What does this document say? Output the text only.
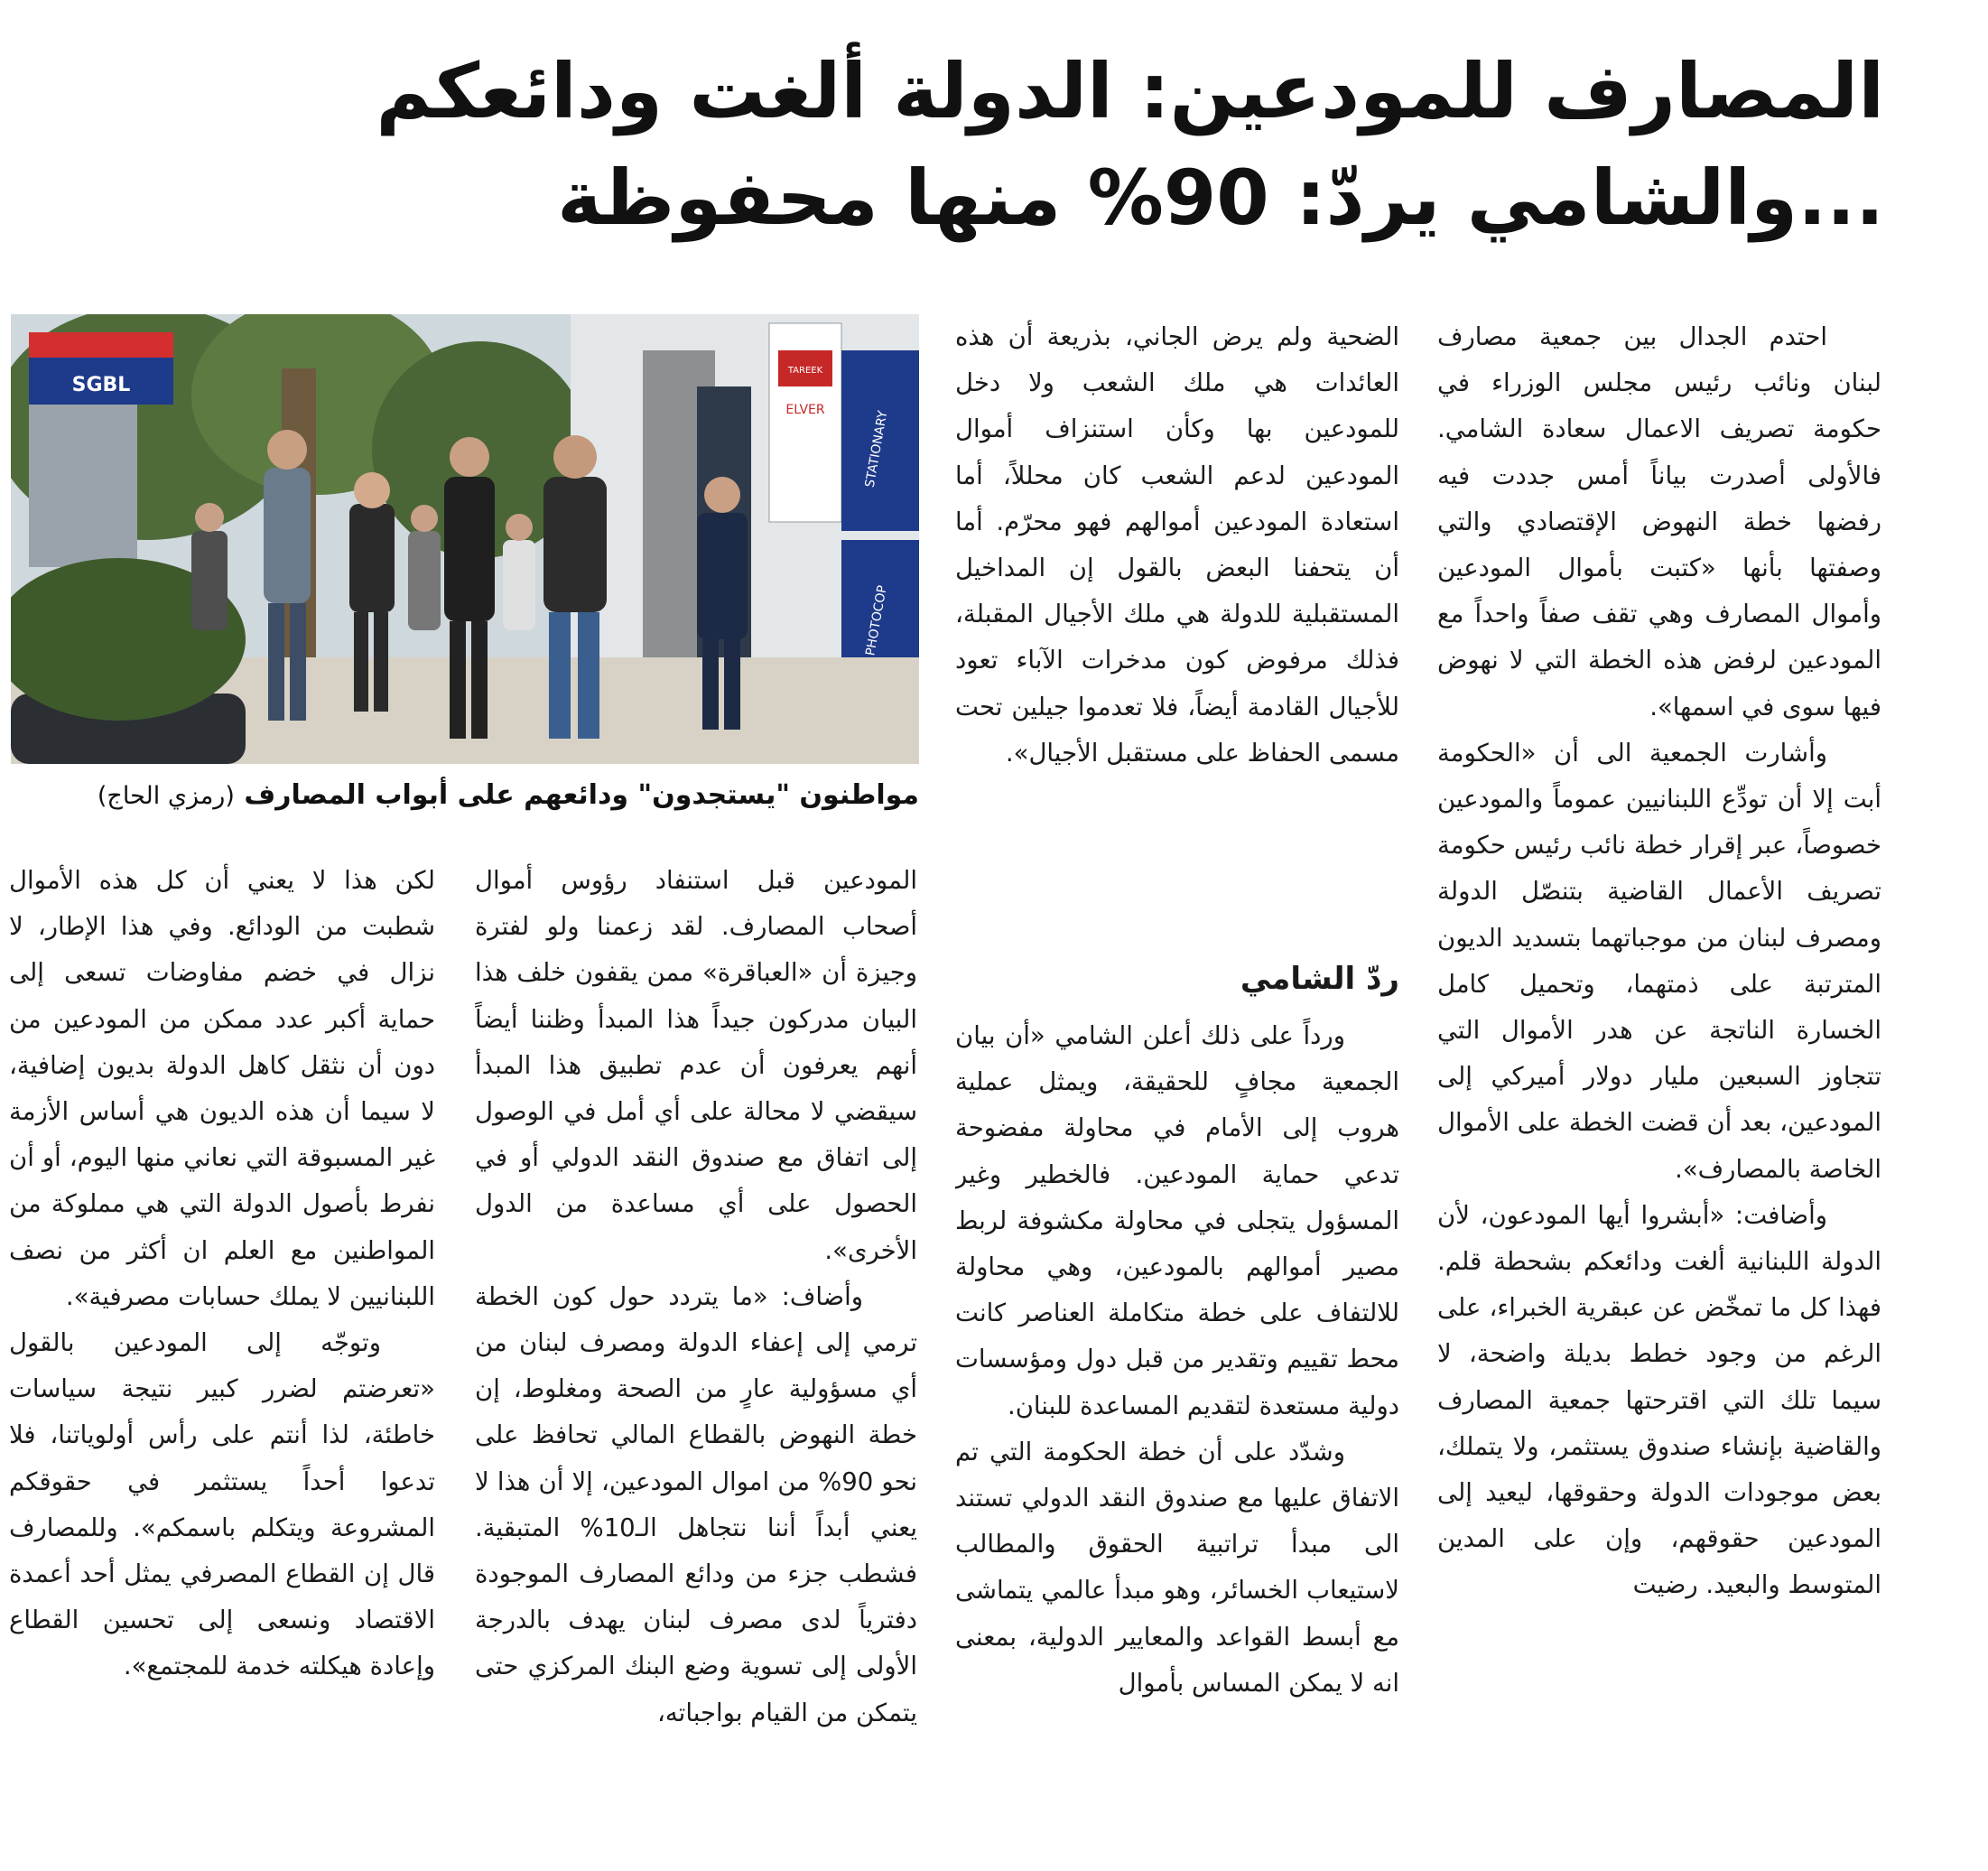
المصارف للمودعين: الدولة ألغت ودائعكم
...والشامي يردّ: 90% منها محفوظة

احتدم الجدال بين جمعية مصارف لبنان ونائب رئيس مجلس الوزراء في حكومة تصريف الاعمال سعادة الشامي. فالأولى أصدرت بياناً أمس جددت فيه رفضها خطة النهوض الإقتصادي والتي وصفتها بأنها «كتبت بأموال المودعين وأموال المصارف وهي تقف صفاً واحداً مع المودعين لرفض هذه الخطة التي لا نهوض فيها سوى في اسمها».

وأشارت الجمعية الى أن «الحكومة أبت إلا أن تودِّع اللبنانيين عموماً والمودعين خصوصاً، عبر إقرار خطة نائب رئيس حكومة تصريف الأعمال القاضية بتنصّل الدولة ومصرف لبنان من موجباتهما بتسديد الديون المترتبة على ذمتهما، وتحميل كامل الخسارة الناتجة عن هدر الأموال التي تتجاوز السبعين مليار دولار أميركي إلى المودعين، بعد أن قضت الخطة على الأموال الخاصة بالمصارف».

وأضافت: «أبشروا أيها المودعون، لأن الدولة اللبنانية ألغت ودائعكم بشحطة قلم. فهذا كل ما تمخّض عن عبقرية الخبراء، على الرغم من وجود خطط بديلة واضحة، لا سيما تلك التي اقترحتها جمعية المصارف والقاضية بإنشاء صندوق يستثمر، ولا يتملك، بعض موجودات الدولة وحقوقها، ليعيد إلى المودعين حقوقهم، وإن على المدين المتوسط والبعيد. رضيت

الضحية ولم يرض الجاني، بذريعة أن هذه العائدات هي ملك الشعب ولا دخل للمودعين بها وكأن استنزاف أموال المودعين لدعم الشعب كان محللاً، أما استعادة المودعين أموالهم فهو محرّم. أما أن يتحفنا البعض بالقول إن المداخيل المستقبلية للدولة هي ملك الأجيال المقبلة، فذلك مرفوض كون مدخرات الآباء تعود للأجيال القادمة أيضاً، فلا تعدموا جيلين تحت مسمى الحفاظ على مستقبل الأجيال».

ردّ الشامي

ورداً على ذلك أعلن الشامي «أن بيان الجمعية مجافٍ للحقيقة، ويمثل عملية هروب إلى الأمام في محاولة مفضوحة تدعي حماية المودعين. فالخطير وغير المسؤول يتجلى في محاولة مكشوفة لربط مصير أموالهم بالمودعين، وهي محاولة للالتفاف على خطة متكاملة العناصر كانت محط تقييم وتقدير من قبل دول ومؤسسات دولية مستعدة لتقديم المساعدة للبنان.

وشدّد على أن خطة الحكومة التي تم الاتفاق عليها مع صندوق النقد الدولي تستند الى مبدأ تراتبية الحقوق والمطالب لاستيعاب الخسائر، وهو مبدأ عالمي يتماشى مع أبسط القواعد والمعايير الدولية، بمعنى انه لا يمكن المساس بأموال

المودعين قبل استنفاد رؤوس أموال أصحاب المصارف. لقد زعمنا ولو لفترة وجيزة أن «العباقرة» ممن يقفون خلف هذا البيان مدركون جيداً هذا المبدأ وظننا أيضاً أنهم يعرفون أن عدم تطبيق هذا المبدأ سيقضي لا محالة على أي أمل في الوصول إلى اتفاق مع صندوق النقد الدولي أو في الحصول على أي مساعدة من الدول الأخرى».

وأضاف: «ما يتردد حول كون الخطة ترمي إلى إعفاء الدولة ومصرف لبنان من أي مسؤولية عارٍ من الصحة ومغلوط، إن خطة النهوض بالقطاع المالي تحافظ على نحو 90% من اموال المودعين، إلا أن هذا لا يعني أبداً أننا نتجاهل الـ10% المتبقية. فشطب جزء من ودائع المصارف الموجودة دفترياً لدى مصرف لبنان يهدف بالدرجة الأولى إلى تسوية وضع البنك المركزي حتى يتمكن من القيام بواجباته،

لكن هذا لا يعني أن كل هذه الأموال شطبت من الودائع. وفي هذا الإطار، لا نزال في خضم مفاوضات تسعى إلى حماية أكبر عدد ممكن من المودعين من دون أن نثقل كاهل الدولة بديون إضافية، لا سيما أن هذه الديون هي أساس الأزمة غير المسبوقة التي نعاني منها اليوم، أو أن نفرط بأصول الدولة التي هي مملوكة من المواطنين مع العلم ان أكثر من نصف اللبنانيين لا يملك حسابات مصرفية».

وتوجّه إلى المودعين بالقول «تعرضتم لضرر كبير نتيجة سياسات خاطئة، لذا أنتم على رأس أولوياتنا، فلا تدعوا أحداً يستثمر في حقوقكم المشروعة ويتكلم باسمكم». وللمصارف قال إن القطاع المصرفي يمثل أحد أعمدة الاقتصاد ونسعى إلى تحسين القطاع وإعادة هيكلته خدمة للمجتمع».

SGBL
STATIONARY
PHOTOCOP
TAREEK
ELVER
مواطنون "يستجدون" ودائعهم على أبواب المصارف (رمزي الحاج)
